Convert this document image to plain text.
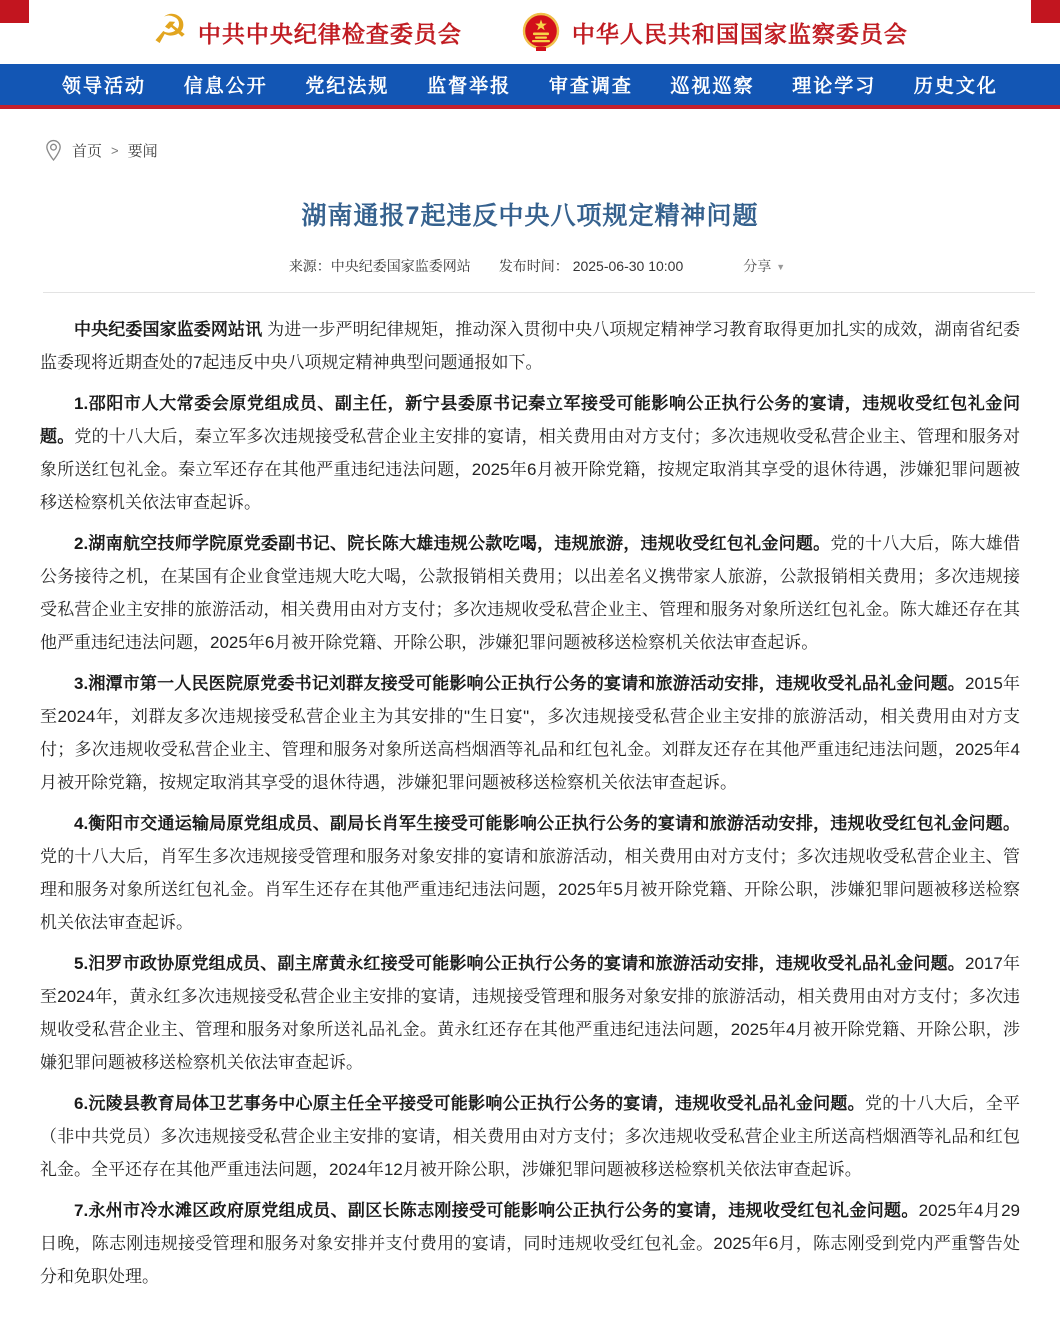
☭ 中共中央纪律检查委员会	中华人民共和国国家监察委员会
领导活动 信息公开 党纪法规 监督举报 审查调查 巡视巡察 理论学习 历史文化
首页 > 要闻
湖南通报7起违反中央八项规定精神问题
来源：中央纪委国家监委网站 发布时间： 2025-06-30 10:00	分享 ▼

中央纪委国家监委网站讯 为进一步严明纪律规矩，推动深入贯彻中央八项规定精神学习教育取得更加扎实的成效，湖南省纪委监委现将近期查处的7起违反中央八项规定精神典型问题通报如下。

1.邵阳市人大常委会原党组成员、副主任，新宁县委原书记秦立军接受可能影响公正执行公务的宴请，违规收受红包礼金问题。党的十八大后，秦立军多次违规接受私营企业主安排的宴请，相关费用由对方支付；多次违规收受私营企业主、管理和服务对象所送红包礼金。秦立军还存在其他严重违纪违法问题，2025年6月被开除党籍，按规定取消其享受的退休待遇，涉嫌犯罪问题被移送检察机关依法审查起诉。

2.湖南航空技师学院原党委副书记、院长陈大雄违规公款吃喝，违规旅游，违规收受红包礼金问题。党的十八大后，陈大雄借公务接待之机，在某国有企业食堂违规大吃大喝，公款报销相关费用；以出差名义携带家人旅游，公款报销相关费用；多次违规接受私营企业主安排的旅游活动，相关费用由对方支付；多次违规收受私营企业主、管理和服务对象所送红包礼金。陈大雄还存在其他严重违纪违法问题，2025年6月被开除党籍、开除公职，涉嫌犯罪问题被移送检察机关依法审查起诉。

3.湘潭市第一人民医院原党委书记刘群友接受可能影响公正执行公务的宴请和旅游活动安排，违规收受礼品礼金问题。2015年至2024年，刘群友多次违规接受私营企业主为其安排的"生日宴"，多次违规接受私营企业主安排的旅游活动，相关费用由对方支付；多次违规收受私营企业主、管理和服务对象所送高档烟酒等礼品和红包礼金。刘群友还存在其他严重违纪违法问题，2025年4月被开除党籍，按规定取消其享受的退休待遇，涉嫌犯罪问题被移送检察机关依法审查起诉。

4.衡阳市交通运输局原党组成员、副局长肖军生接受可能影响公正执行公务的宴请和旅游活动安排，违规收受红包礼金问题。党的十八大后，肖军生多次违规接受管理和服务对象安排的宴请和旅游活动，相关费用由对方支付；多次违规收受私营企业主、管理和服务对象所送红包礼金。肖军生还存在其他严重违纪违法问题，2025年5月被开除党籍、开除公职，涉嫌犯罪问题被移送检察机关依法审查起诉。

5.汨罗市政协原党组成员、副主席黄永红接受可能影响公正执行公务的宴请和旅游活动安排，违规收受礼品礼金问题。2017年至2024年，黄永红多次违规接受私营企业主安排的宴请，违规接受管理和服务对象安排的旅游活动，相关费用由对方支付；多次违规收受私营企业主、管理和服务对象所送礼品礼金。黄永红还存在其他严重违纪违法问题，2025年4月被开除党籍、开除公职，涉嫌犯罪问题被移送检察机关依法审查起诉。

6.沅陵县教育局体卫艺事务中心原主任全平接受可能影响公正执行公务的宴请，违规收受礼品礼金问题。党的十八大后，全平（非中共党员）多次违规接受私营企业主安排的宴请，相关费用由对方支付；多次违规收受私营企业主所送高档烟酒等礼品和红包礼金。全平还存在其他严重违法问题，2024年12月被开除公职，涉嫌犯罪问题被移送检察机关依法审查起诉。

7.永州市冷水滩区政府原党组成员、副区长陈志刚接受可能影响公正执行公务的宴请，违规收受红包礼金问题。2025年4月29日晚，陈志刚违规接受管理和服务对象安排并支付费用的宴请，同时违规收受红包礼金。2025年6月，陈志刚受到党内严重警告处分和免职处理。
